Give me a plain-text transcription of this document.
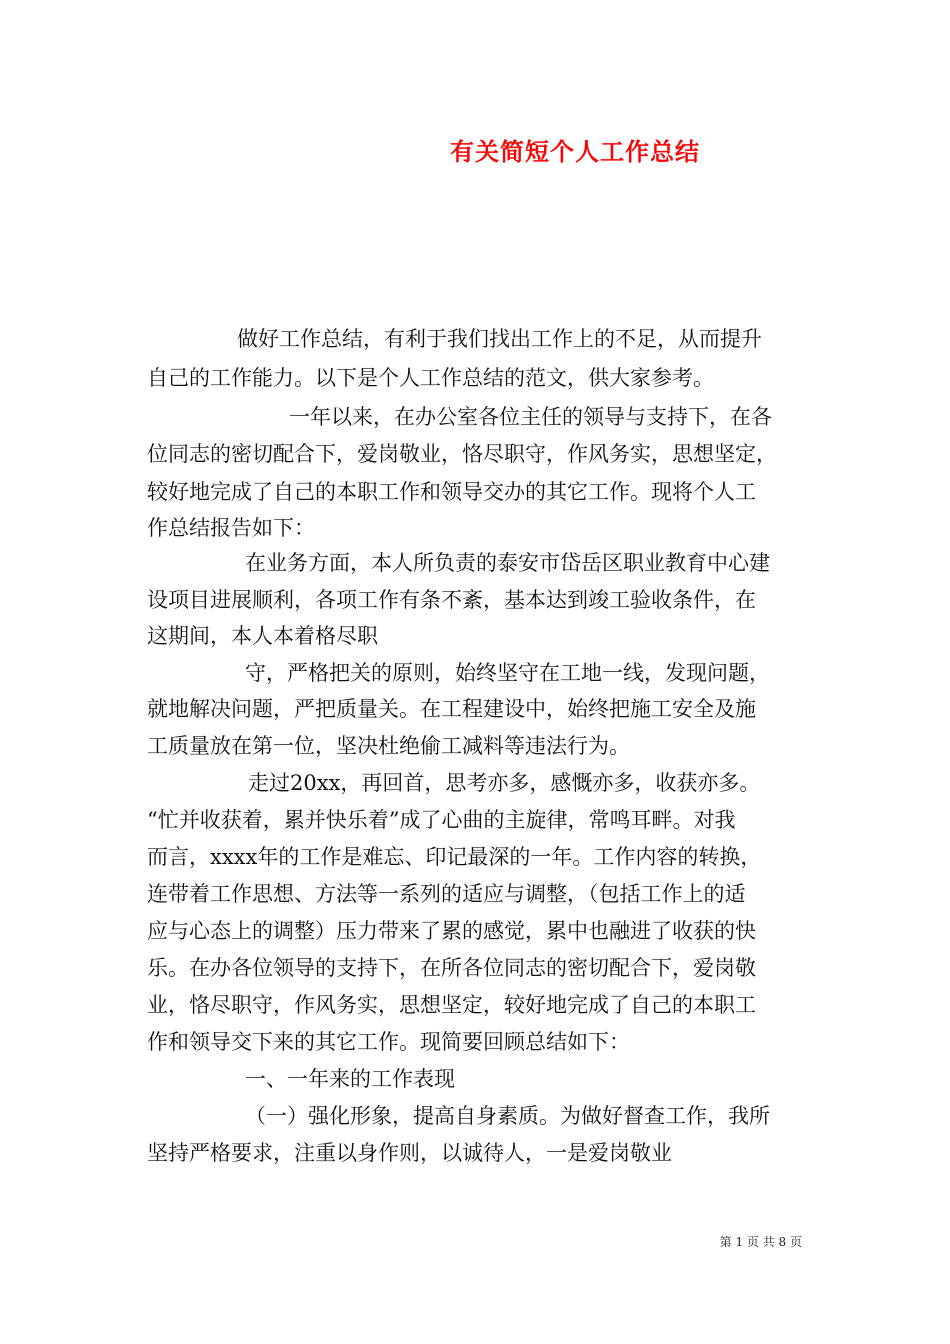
有关简短个人工作总结
做好工作总结，有利于我们找出工作上的不足，从而提升
自己的工作能力。以下是个人工作总结的范文，供大家参考。
一年以来，在办公室各位主任的领导与支持下，在各
位同志的密切配合下，爱岗敬业，恪尽职守，作风务实，思想坚定，
较好地完成了自己的本职工作和领导交办的其它工作。现将个人工
作总结报告如下：
在业务方面，本人所负责的泰安市岱岳区职业教育中心建
设项目进展顺利，各项工作有条不紊，基本达到竣工验收条件，在
这期间，本人本着格尽职
守，严格把关的原则，始终坚守在工地一线，发现问题，
就地解决问题，严把质量关。在工程建设中，始终把施工安全及施
工质量放在第一位，坚决杜绝偷工减料等违法行为。
走过20xx，再回首，思考亦多，感慨亦多，收获亦多。
“忙并收获着，累并快乐着”成了心曲的主旋律，常鸣耳畔。对我
而言，xxxx年的工作是难忘、印记最深的一年。工作内容的转换，
连带着工作思想、方法等一系列的适应与调整，（包括工作上的适
应与心态上的调整）压力带来了累的感觉，累中也融进了收获的快
乐。在办各位领导的支持下，在所各位同志的密切配合下，爱岗敬
业，恪尽职守，作风务实，思想坚定，较好地完成了自己的本职工
作和领导交下来的其它工作。现简要回顾总结如下：
一、一年来的工作表现
（一）强化形象，提高自身素质。为做好督查工作，我所
坚持严格要求，注重以身作则，以诚待人，一是爱岗敬业
第 1 页 共 8 页
